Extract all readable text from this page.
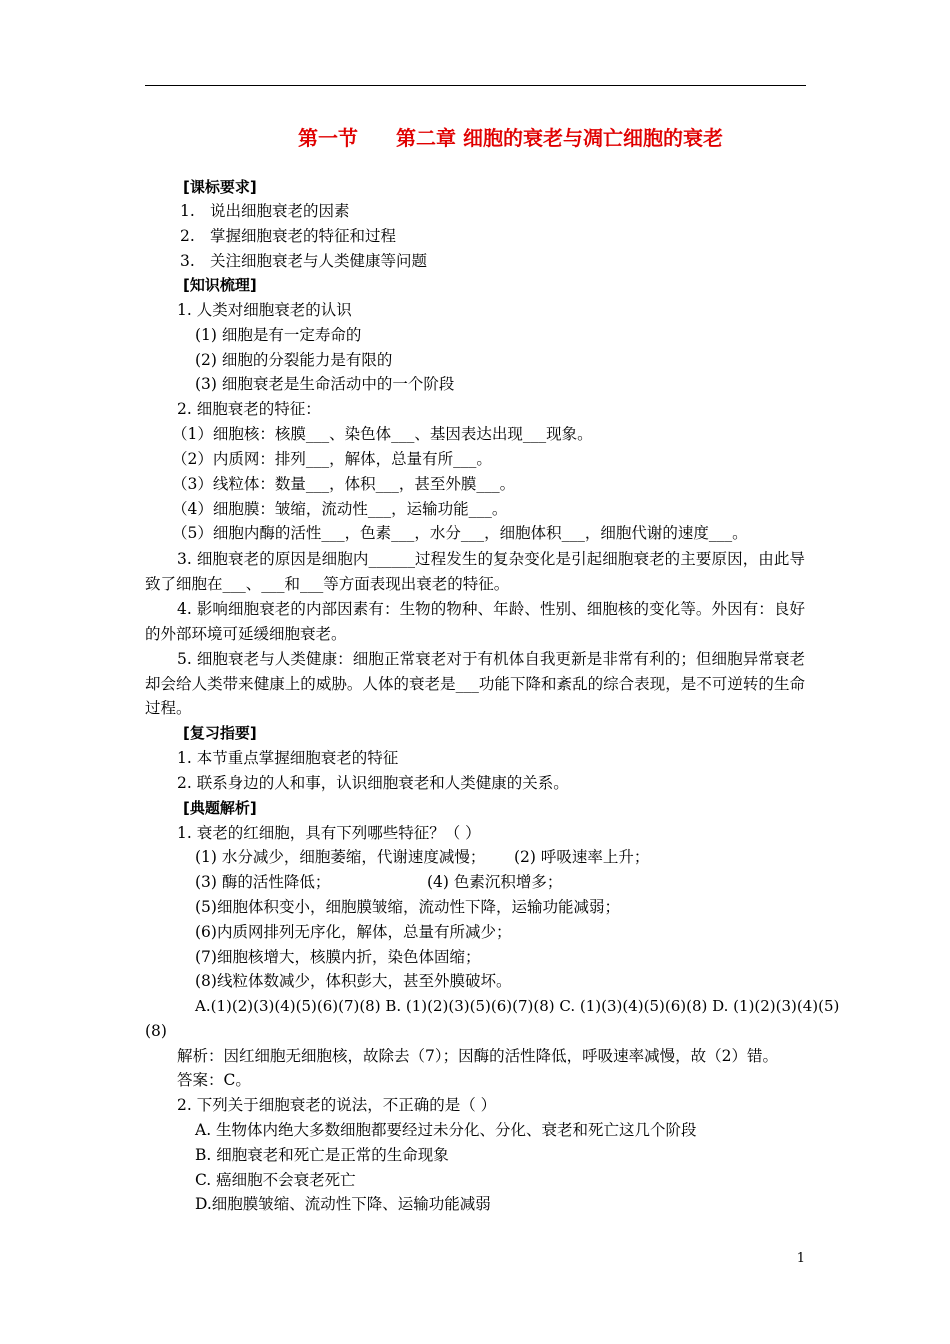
第一节 第二章 细胞的衰老与凋亡细胞的衰老
[课标要求]
1. 说出细胞衰老的因素
2. 掌握细胞衰老的特征和过程
3. 关注细胞衰老与人类健康等问题
[知识梳理]
1. 人类对细胞衰老的认识
(1) 细胞是有一定寿命的
(2) 细胞的分裂能力是有限的
(3) 细胞衰老是生命活动中的一个阶段
2. 细胞衰老的特征：
（1）细胞核：核膜___、染色体___、基因表达出现___现象。
（2）内质网：排列___，解体，总量有所___。
（3）线粒体：数量___，体积___，甚至外膜___。
（4）细胞膜：皱缩，流动性___，运输功能___。
（5）细胞内酶的活性___，色素___，水分___，细胞体积___，细胞代谢的速度___。
3. 细胞衰老的原因是细胞内______过程发生的复杂变化是引起细胞衰老的主要原因，由此导致了细胞在___、___和___等方面表现出衰老的特征。
4. 影响细胞衰老的内部因素有：生物的物种、年龄、性别、细胞核的变化等。外因有：良好的外部环境可延缓细胞衰老。
5. 细胞衰老与人类健康：细胞正常衰老对于有机体自我更新是非常有利的；但细胞异常衰老却会给人类带来健康上的威胁。人体的衰老是___功能下降和紊乱的综合表现，是不可逆转的生命过程。
[复习指要]
1. 本节重点掌握细胞衰老的特征
2. 联系身边的人和事，认识细胞衰老和人类健康的关系。
[典题解析]
1. 衰老的红细胞，具有下列哪些特征？（ ）
(1) 水分减少，细胞萎缩，代谢速度减慢； (2) 呼吸速率上升；
(3) 酶的活性降低；	(4) 色素沉积增多；
(5)细胞体积变小，细胞膜皱缩，流动性下降，运输功能减弱；
(6)内质网排列无序化，解体，总量有所减少；
(7)细胞核增大，核膜内折，染色体固缩；
(8)线粒体数减少，体积彭大，甚至外膜破坏。
A.(1)(2)(3)(4)(5)(6)(7)(8) B. (1)(2)(3)(5)(6)(7)(8) C. (1)(3)(4)(5)(6)(8) D. (1)(2)(3)(4)(5)
(8)
解析：因红细胞无细胞核，故除去（7）；因酶的活性降低，呼吸速率减慢，故（2）错。
答案：C。
2. 下列关于细胞衰老的说法，不正确的是（ ）
A. 生物体内绝大多数细胞都要经过未分化、分化、衰老和死亡这几个阶段
B. 细胞衰老和死亡是正常的生命现象
C. 癌细胞不会衰老死亡
D.细胞膜皱缩、流动性下降、运输功能减弱
1
